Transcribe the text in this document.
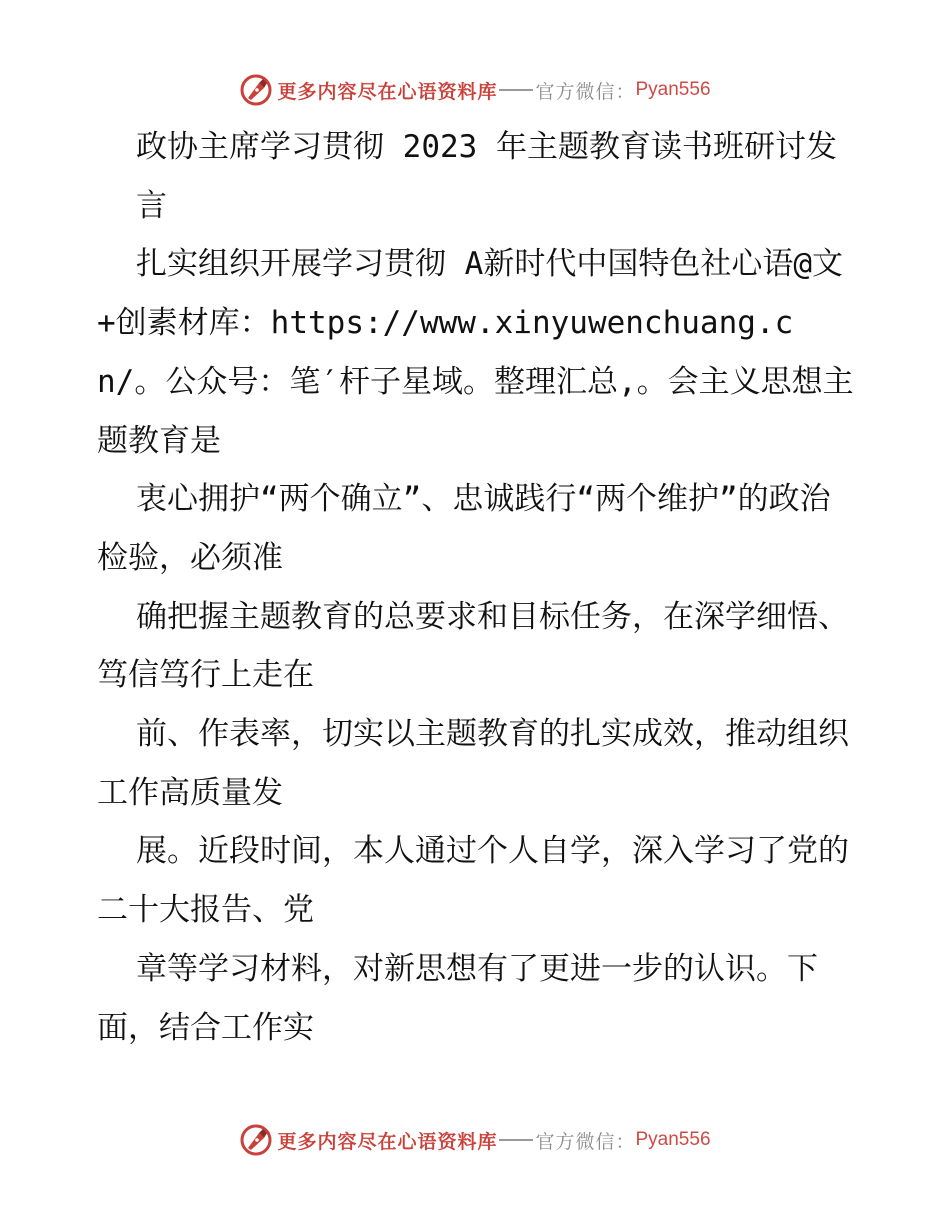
更多内容尽在心语资料库 官方微信： Pyan556

政协主席学习贯彻 2023 年主题教育读书班研讨发

言

扎实组织开展学习贯彻 A新时代中国特色社心语@文+创素材库：https://www.xinyuwenchuang.cn/。公众号：笔′杆子星域。整理汇总,。会主义思想主题教育是

衷心拥护“两个确立”、忠诚践行“两个维护”的政治检验，必须准

确把握主题教育的总要求和目标任务，在深学细悟、笃信笃行上走在

前、作表率，切实以主题教育的扎实成效，推动组织工作高质量发

展。近段时间，本人通过个人自学，深入学习了党的二十大报告、党

章等学习材料，对新思想有了更进一步的认识。下面，结合工作实

更多内容尽在心语资料库 官方微信： Pyan556
